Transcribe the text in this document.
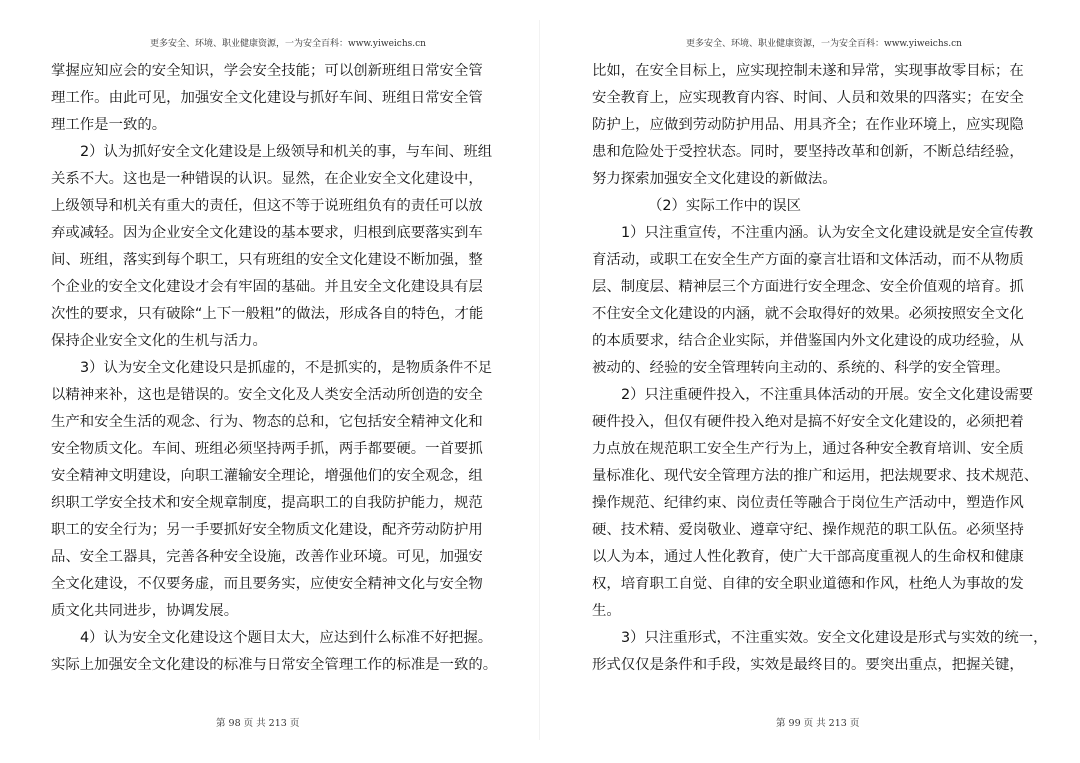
更多安全、环境、职业健康资源，一为安全百科：www.yiweichs.cn
掌握应知应会的安全知识，学会安全技能；可以创新班组日常安全管
理工作。由此可见，加强安全文化建设与抓好车间、班组日常安全管
理工作是一致的。
2）认为抓好安全文化建设是上级领导和机关的事，与车间、班组
关系不大。这也是一种错误的认识。显然，在企业安全文化建设中，
上级领导和机关有重大的责任，但这不等于说班组负有的责任可以放
弃或减轻。因为企业安全文化建设的基本要求，归根到底要落实到车
间、班组，落实到每个职工，只有班组的安全文化建设不断加强，整
个企业的安全文化建设才会有牢固的基础。并且安全文化建设具有层
次性的要求，只有破除“上下一般粗”的做法，形成各自的特色，才能
保持企业安全文化的生机与活力。
3）认为安全文化建设只是抓虚的，不是抓实的，是物质条件不足
以精神来补，这也是错误的。安全文化及人类安全活动所创造的安全
生产和安全生活的观念、行为、物态的总和，它包括安全精神文化和
安全物质文化。车间、班组必须坚持两手抓，两手都要硬。一首要抓
安全精神文明建设，向职工灌输安全理论，增强他们的安全观念，组
织职工学安全技术和安全规章制度，提高职工的自我防护能力，规范
职工的安全行为；另一手要抓好安全物质文化建设，配齐劳动防护用
品、安全工器具，完善各种安全设施，改善作业环境。可见，加强安
全文化建设，不仅要务虚，而且要务实，应使安全精神文化与安全物
质文化共同进步，协调发展。
4）认为安全文化建设这个题目太大，应达到什么标准不好把握。
实际上加强安全文化建设的标准与日常安全管理工作的标准是一致的。
第 98 页 共 213 页
更多安全、环境、职业健康资源，一为安全百科：www.yiweichs.cn
比如，在安全目标上，应实现控制未遂和异常，实现事故零目标；在
安全教育上，应实现教育内容、时间、人员和效果的四落实；在安全
防护上，应做到劳动防护用品、用具齐全；在作业环境上，应实现隐
患和危险处于受控状态。同时，要坚持改革和创新，不断总结经验，
努力探索加强安全文化建设的新做法。
（2）实际工作中的误区
1）只注重宣传，不注重内涵。认为安全文化建设就是安全宣传教
育活动，或职工在安全生产方面的豪言壮语和文体活动，而不从物质
层、制度层、精神层三个方面进行安全理念、安全价值观的培育。抓
不住安全文化建设的内涵，就不会取得好的效果。必须按照安全文化
的本质要求，结合企业实际，并借鉴国内外文化建设的成功经验，从
被动的、经验的安全管理转向主动的、系统的、科学的安全管理。
2）只注重硬件投入，不注重具体活动的开展。安全文化建设需要
硬件投入，但仅有硬件投入绝对是搞不好安全文化建设的，必须把着
力点放在规范职工安全生产行为上，通过各种安全教育培训、安全质
量标准化、现代安全管理方法的推广和运用，把法规要求、技术规范、
操作规范、纪律约束、岗位责任等融合于岗位生产活动中，塑造作风
硬、技术精、爱岗敬业、遵章守纪、操作规范的职工队伍。必须坚持
以人为本，通过人性化教育，使广大干部高度重视人的生命权和健康
权，培育职工自觉、自律的安全职业道德和作风，杜绝人为事故的发
生。
3）只注重形式，不注重实效。安全文化建设是形式与实效的统一，
形式仅仅是条件和手段，实效是最终目的。要突出重点，把握关键，
第 99 页 共 213 页
